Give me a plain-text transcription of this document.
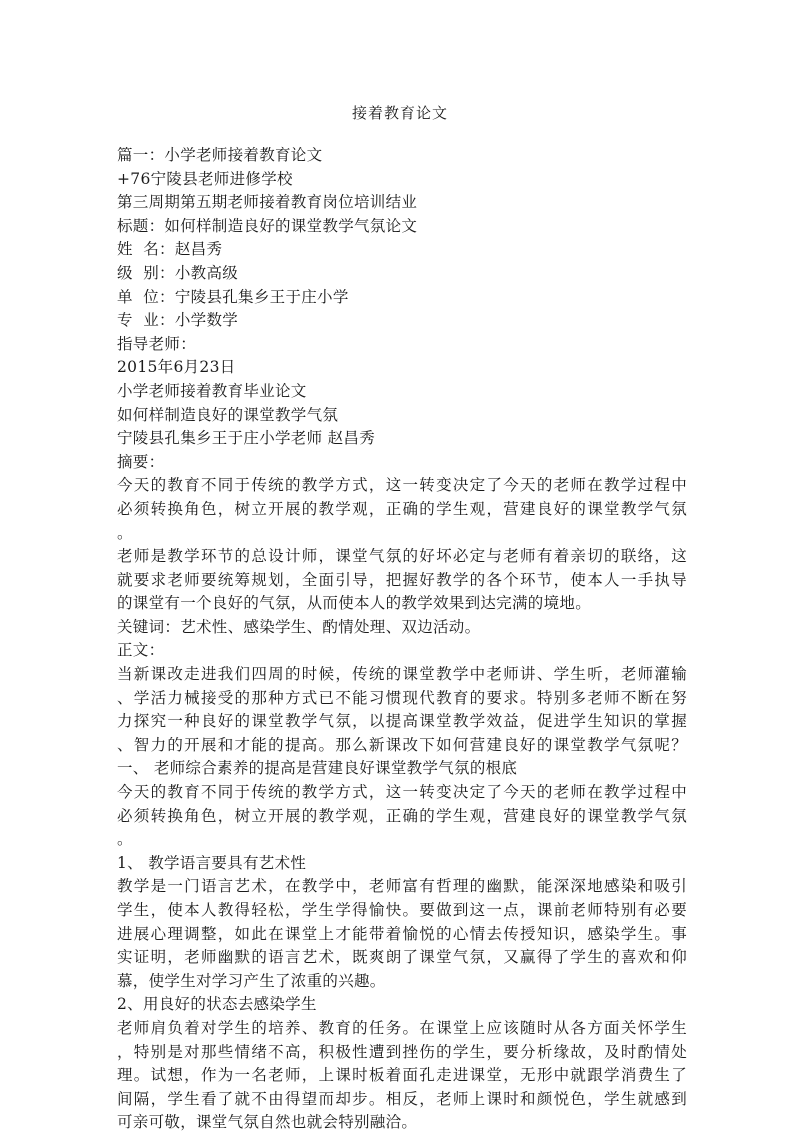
接着教育论文
篇一：小学老师接着教育论文
+76宁陵县老师进修学校
第三周期第五期老师接着教育岗位培训结业
标题：如何样制造良好的课堂教学气氛论文
姓  名：赵昌秀
级  别：小教高级
单  位：宁陵县孔集乡王于庄小学
专  业：小学数学
指导老师：
2015年6月23日
小学老师接着教育毕业论文
如何样制造良好的课堂教学气氛
宁陵县孔集乡王于庄小学老师 赵昌秀
摘要：
今天的教育不同于传统的教学方式，这一转变决定了今天的老师在教学过程中
必须转换角色，树立开展的教学观，正确的学生观，营建良好的课堂教学气氛
。
老师是教学环节的总设计师，课堂气氛的好坏必定与老师有着亲切的联络，这
就要求老师要统筹规划，全面引导，把握好教学的各个环节，使本人一手执导
的课堂有一个良好的气氛，从而使本人的教学效果到达完满的境地。
关键词：艺术性、感染学生、酌情处理、双边活动。
正文：
当新课改走进我们四周的时候，传统的课堂教学中老师讲、学生听，老师灌输
、学活力械接受的那种方式已不能习惯现代教育的要求。特别多老师不断在努
力探究一种良好的课堂教学气氛，以提高课堂教学效益，促进学生知识的掌握
、智力的开展和才能的提高。那么新课改下如何营建良好的课堂教学气氛呢？
一、 老师综合素养的提高是营建良好课堂教学气氛的根底
今天的教育不同于传统的教学方式，这一转变决定了今天的老师在教学过程中
必须转换角色，树立开展的教学观，正确的学生观，营建良好的课堂教学气氛
。
1、 教学语言要具有艺术性
教学是一门语言艺术，在教学中，老师富有哲理的幽默，能深深地感染和吸引
学生，使本人教得轻松，学生学得愉快。要做到这一点，课前老师特别有必要
进展心理调整，如此在课堂上才能带着愉悦的心情去传授知识，感染学生。事
实证明，老师幽默的语言艺术，既爽朗了课堂气氛，又赢得了学生的喜欢和仰
慕，使学生对学习产生了浓重的兴趣。
2、用良好的状态去感染学生
老师肩负着对学生的培养、教育的任务。在课堂上应该随时从各方面关怀学生
，特别是对那些情绪不高，积极性遭到挫伤的学生，要分析缘故，及时酌情处
理。试想，作为一名老师，上课时板着面孔走进课堂，无形中就跟学消费生了
间隔，学生看了就不由得望而却步。相反，老师上课时和颜悦色，学生就感到
可亲可敬，课堂气氛自然也就会特别融洽。
